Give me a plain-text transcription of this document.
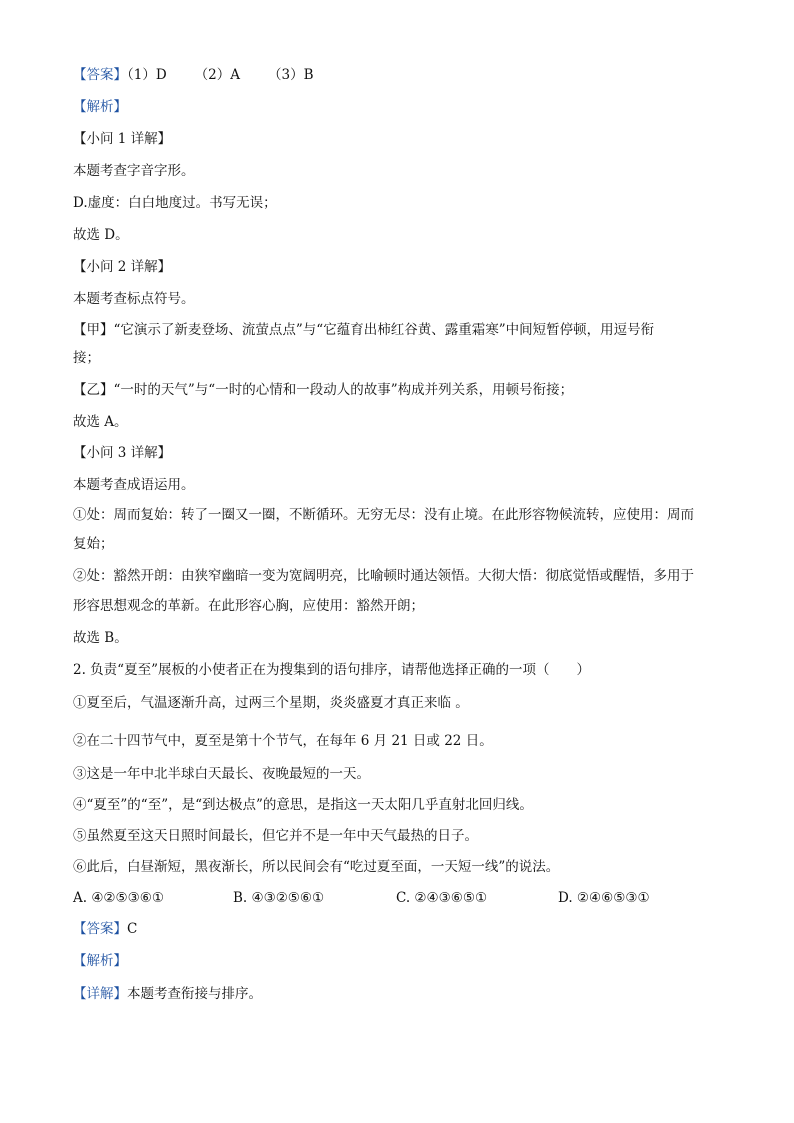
【答案】（1）D （2）A （3）B
【解析】
【小问 1 详解】
本题考查字音字形。
D.虚度：白白地度过。书写无误；
故选 D。
【小问 2 详解】
本题考查标点符号。
【甲】“它演示了新麦登场、流萤点点”与“它蕴育出柿红谷黄、露重霜寒”中间短暂停顿，用逗号衔
接；
【乙】“一时的天气”与“一时的心情和一段动人的故事”构成并列关系，用顿号衔接；
故选 A。
【小问 3 详解】
本题考查成语运用。
①处：周而复始：转了一圈又一圈，不断循环。无穷无尽：没有止境。在此形容物候流转，应使用：周而
复始；
②处：豁然开朗：由狭窄幽暗一变为宽阔明亮，比喻顿时通达领悟。大彻大悟：彻底觉悟或醒悟，多用于
形容思想观念的革新。在此形容心胸，应使用：豁然开朗；
故选 B。
2. 负责“夏至”展板的小使者正在为搜集到的语句排序，请帮他选择正确的一项（　　）
①夏至后，气温逐渐升高，过两三个星期，炎炎盛夏才真正来临 。
②在二十四节气中，夏至是第十个节气，在每年 6 月 21 日或 22 日。
③这是一年中北半球白天最长、夜晚最短的一天。
④“夏至”的“至”，是“到达极点”的意思，是指这一天太阳几乎直射北回归线。
⑤虽然夏至这天日照时间最长，但它并不是一年中天气最热的日子。
⑥此后，白昼渐短，黑夜渐长，所以民间会有“吃过夏至面，一天短一线”的说法。
A. ④②⑤③⑥①	B. ④③②⑤⑥①	C. ②④③⑥⑤①	D. ②④⑥⑤③①
【答案】C
【解析】
【详解】本题考查衔接与排序。
